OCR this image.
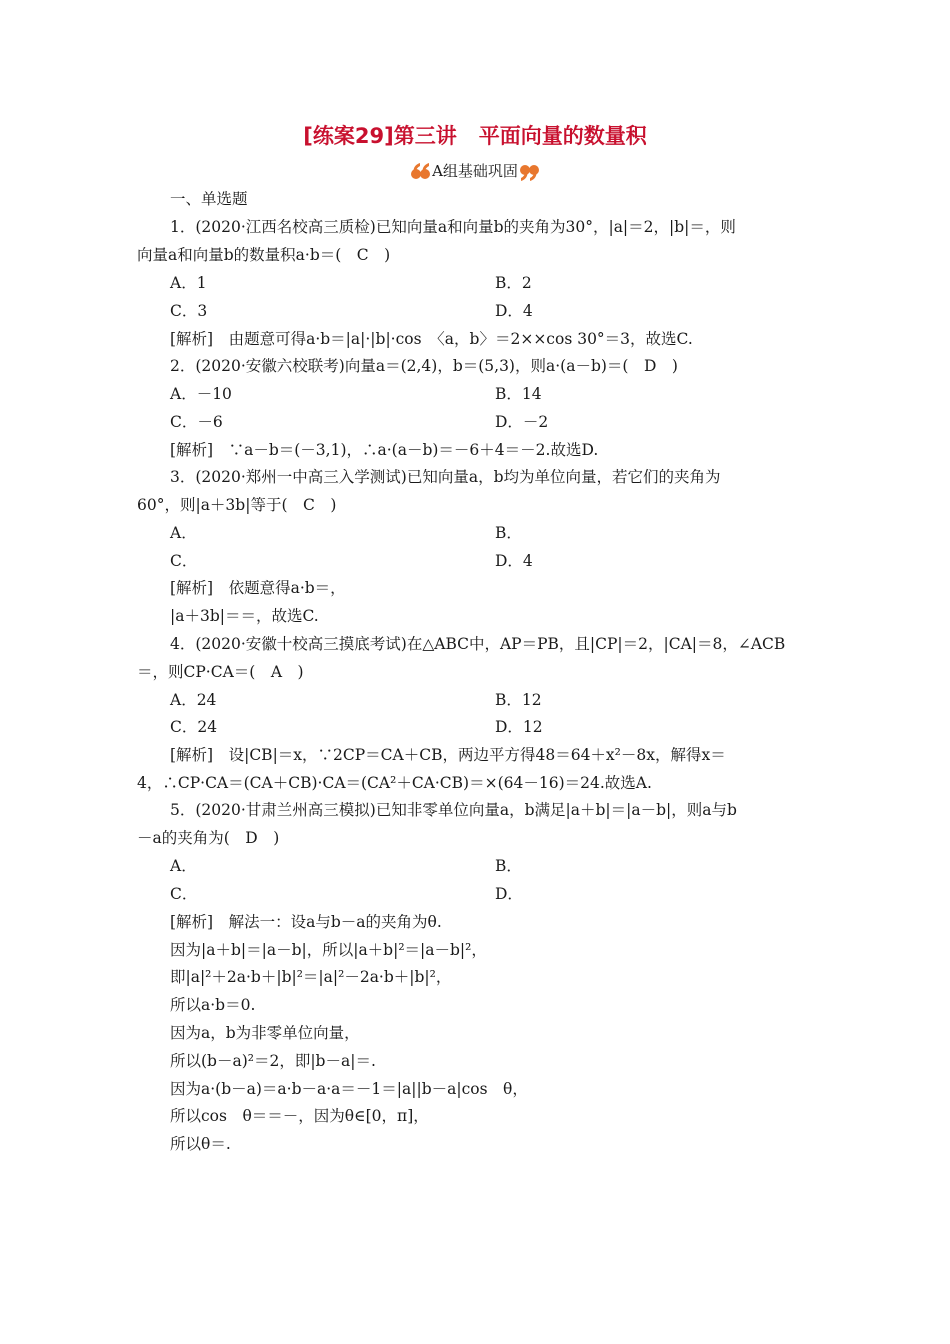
[练案29]第三讲 平面向量的数量积
A组基础巩固
一、单选题
1．(2020·江西名校高三质检)已知向量a和向量b的夹角为30°，|a|＝2，|b|＝，则
向量a和向量b的数量积a·b＝(　C　)
A．1	B．2
C．3	D．4
[解析]　由题意可得a·b＝|a|·|b|·cos　〈a，b〉＝2××cos 30°＝3，故选C.
2．(2020·安徽六校联考)向量a＝(2,4)，b＝(5,3)，则a·(a－b)＝(　D　)
A．－10	B．14
C．－6	D．－2
[解析]　∵a－b＝(－3,1)，∴a·(a－b)＝－6＋4＝－2.故选D.
3．(2020·郑州一中高三入学测试)已知向量a，b均为单位向量，若它们的夹角为
60°，则|a＋3b|等于(　C　)
A．	B．
C．	D．4
[解析]　依题意得a·b＝，
|a＋3b|＝＝，故选C.
4．(2020·安徽十校高三摸底考试)在△ABC中，AP＝PB，且|CP|＝2，|CA|＝8，∠ACB
＝，则CP·CA＝(　A　)
A．24	B．12
C．24	D．12
[解析]　设|CB|＝x，∵2CP＝CA＋CB，两边平方得48＝64＋x²－8x，解得x＝
4，∴CP·CA＝(CA＋CB)·CA＝(CA²＋CA·CB)＝×(64－16)＝24.故选A.
5．(2020·甘肃兰州高三模拟)已知非零单位向量a，b满足|a＋b|＝|a－b|，则a与b
－a的夹角为(　D　)
A．	B．
C．	D．
[解析]　解法一：设a与b－a的夹角为θ.
因为|a＋b|＝|a－b|，所以|a＋b|²＝|a－b|²，
即|a|²＋2a·b＋|b|²＝|a|²－2a·b＋|b|²，
所以a·b＝0.
因为a，b为非零单位向量，
所以(b－a)²＝2，即|b－a|＝.
因为a·(b－a)＝a·b－a·a＝－1＝|a||b－a|cos　θ，
所以cos　θ＝＝－，因为θ∈[0，π]，
所以θ＝.
